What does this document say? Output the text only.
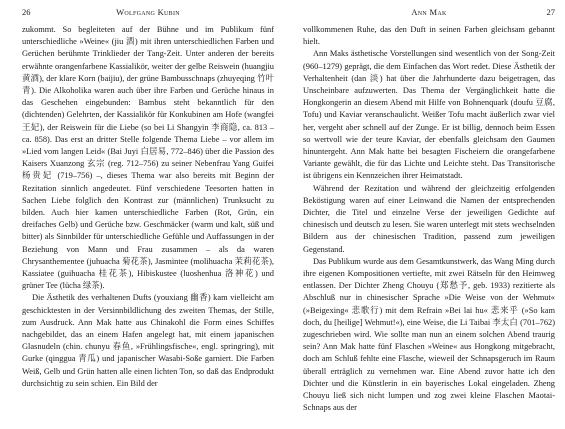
26	Wolfgang Kubin

zukommt. So begleiteten auf der Bühne und im Publikum fünf unterschiedliche »Weine« (jiu 酒) mit ihren unterschiedlichen Farben und Gerüchen berühmte Trinklieder der Tang-Zeit. Unter anderen der bereits erwähnte orangenfarbene Kassialikör, weiter der gelbe Reiswein (huangjiu 黄酒), der klare Korn (baijiu), der grüne Bambusschnaps (zhuyeqing 竹叶青). Die Alkoholika waren auch über ihre Farben und Gerüche hinaus in das Geschehen eingebunden: Bambus steht bekanntlich für den (dichtenden) Gelehrten, der Kassialikör für Konkubinen am Hofe (wangfei 王妃), der Reiswein für die Liebe (so bei Li Shangyin 李商隐, ca. 813 – ca. 858). Das erst an dritter Stelle folgende Thema Liebe – vor allem im »Lied vom langen Leid« (Bai Juyi 白居易, 772–846) über die Passion des Kaisers Xuanzong 玄宗 (reg. 712–756) zu seiner Nebenfrau Yang Guifei 杨贵妃 (719–756) –, dieses Thema war also bereits mit Beginn der Rezitation sinnlich angedeutet. Fünf verschiedene Teesorten hatten in Sachen Liebe folglich den Kontrast zur (männlichen) Trunksucht zu bilden. Auch hier kamen unterschiedliche Farben (Rot, Grün, ein dreifaches Gelb) und Gerüche bzw. Geschmäcker (warm und kalt, süß und bitter) als Sinnbilder für unterschiedliche Gefühle und Auffassungen in der Beziehung von Mann und Frau zusammen – als da waren Chrysanthementee (juhuacha 菊花茶), Jasmintee (molihuacha 茉莉花茶), Kassiatee (guihuacha 桂花茶), Hibiskustee (luoshenhua 洛神花) und grüner Tee (lücha 绿茶).

Die Ästhetik des verhaltenen Dufts (youxiang 幽香) kam vielleicht am geschicktesten in der Versinnbildlichung des zweiten Themas, der Stille, zum Ausdruck. Ann Mak hatte aus Chinakohl die Form eines Schiffes nachgebildet, das an einem Hafen angelegt hat, mit einem japanischen Glasnudeln (chin. chunyu 春鱼, »Frühlingsfische«, engl. springring), mit Gurke (qinggua 青瓜) und japanischer Wasabi-Soße garniert. Die Farben Weiß, Gelb und Grün hatten alle einen lichten Ton, so daß das Endprodukt durchsichtig zu sein schien. Ein Bild der

Ann Mak	27

vollkommenen Ruhe, das den Duft in seinen Farben gleichsam gebannt hielt.

Ann Maks ästhetische Vorstellungen sind wesentlich von der Song-Zeit (960–1279) geprägt, die dem Einfachen das Wort redet. Diese Ästhetik der Verhaltenheit (dan 淡) hat über die Jahrhunderte dazu beigetragen, das Unscheinbare aufzuwerten. Das Thema der Vergänglichkeit hatte die Hongkongerin an diesem Abend mit Hilfe von Bohnenquark (doufu 豆腐, Tofu) und Kaviar veranschaulicht. Weißer Tofu macht äußerlich zwar viel her, vergeht aber schnell auf der Zunge. Er ist billig, dennoch beim Essen so wertvoll wie der teure Kaviar, der ebenfalls gleichsam den Gaumen hinuntergeht. Ann Mak hatte bei besagten Fischeiern die orangefarbene Variante gewählt, die für das Lichte und Leichte steht. Das Transitorische ist übrigens ein Kennzeichen ihrer Heimatstadt.

Während der Rezitation und während der gleichzeitig erfolgenden Beköstigung waren auf einer Leinwand die Namen der entsprechenden Dichter, die Titel und einzelne Verse der jeweiligen Gedichte auf chinesisch und deutsch zu lesen. Sie waren unterlegt mit stets wechselnden Bildern aus der chinesischen Tradition, passend zum jeweiligen Gegenstand.

Das Publikum wurde aus dem Gesamtkunstwerk, das Wang Ming durch ihre eigenen Kompositionen vertiefte, mit zwei Rätseln für den Heimweg entlassen. Der Dichter Zheng Chouyu (郑愁予, geb. 1933) rezitierte als Abschluß nur in chinesischer Sprache »Die Weise von der Wehmut« (»Beigexing« 悲歌行) mit dem Refrain »Bei lai hu« 悲来乎 (»So kam doch, du [heilige] Wehmut!«), eine Weise, die Li Taibai 李太白 (701–762) zugeschrieben wird. Wie sollte man nun an einem solchen Abend traurig sein? Ann Mak hatte fünf Flaschen »Weine« aus Hongkong mitgebracht, doch am Schluß fehlte eine Flasche, wieweil der Schnapsgeruch im Raum überall erträglich zu vernehmen war. Eine Abend zuvor hatte ich den Dichter und die Künstlerin in ein bayerisches Lokal eingeladen. Zheng Chouyu ließ sich nicht lumpen und zog zwei kleine Flaschen Maotai-Schnaps aus der
